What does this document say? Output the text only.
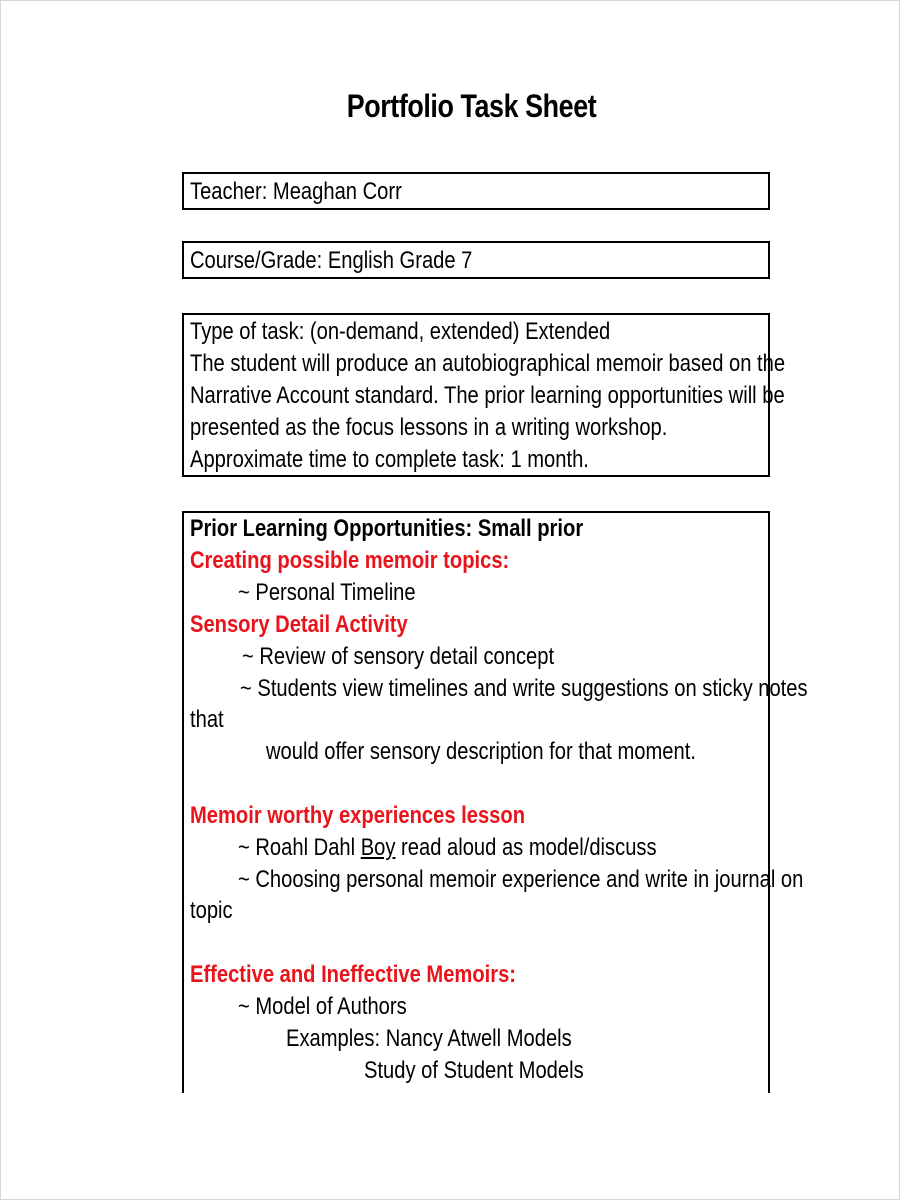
Portfolio Task Sheet
Teacher: Meaghan Corr
Course/Grade: English Grade 7
Type of task: (on-demand, extended) Extended
The student will produce an autobiographical memoir based on the
Narrative Account standard. The prior learning opportunities will be
presented as the focus lessons in a writing workshop.
Approximate time to complete task: 1 month.
Prior Learning Opportunities: Small prior
Creating possible memoir topics:
~ Personal Timeline
Sensory Detail Activity
~ Review of sensory detail concept
~ Students view timelines and write suggestions on sticky notes
that
would offer sensory description for that moment.
Memoir worthy experiences lesson
~ Roahl Dahl Boy read aloud as model/discuss
~ Choosing personal memoir experience and write in journal on
topic
Effective and Ineffective Memoirs:
~ Model of Authors
Examples: Nancy Atwell Models
Study of Student Models
